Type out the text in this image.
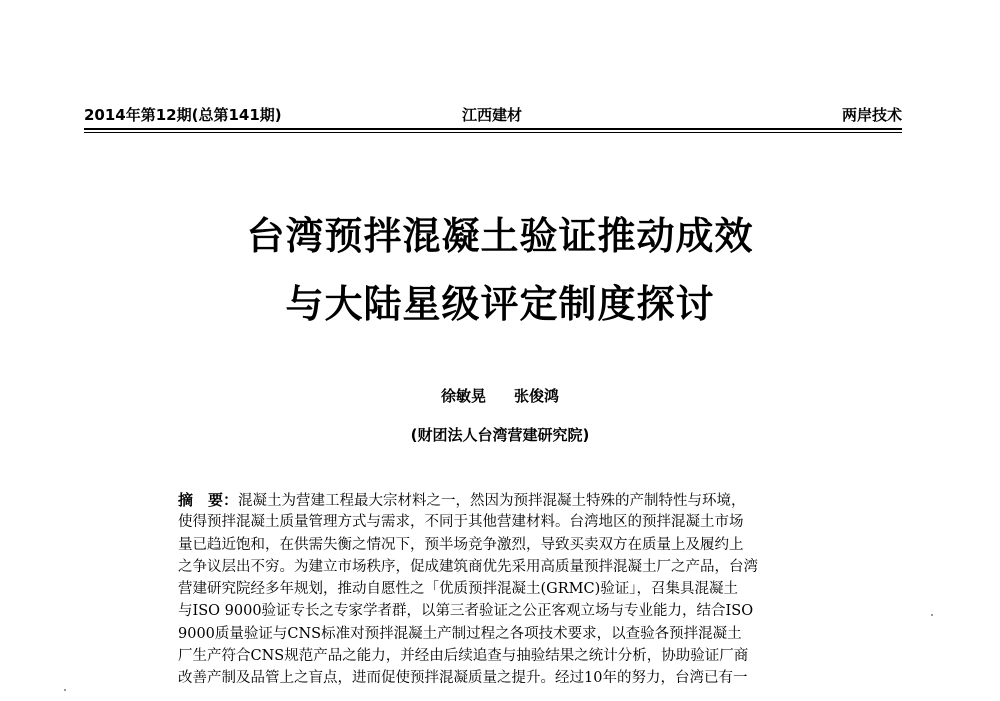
2014年第12期(总第141期)	江西建材	两岸技术
台湾预拌混凝土验证推动成效
与大陆星级评定制度探讨
徐敏晃 张俊鸿
(财团法人台湾营建研究院)
摘　要：混凝土为营建工程最大宗材料之一，然因为预拌混凝土特殊的产制特性与环境，
使得预拌混凝土质量管理方式与需求，不同于其他营建材料。台湾地区的预拌混凝土市场
量已趋近饱和，在供需失衡之情况下，预半场竞争激烈，导致买卖双方在质量上及履约上
之争议层出不穷。为建立市场秩序，促成建筑商优先采用高质量预拌混凝土厂之产品，台湾
营建研究院经多年规划，推动自愿性之「优质预拌混凝土(GRMC)验证」，召集具混凝土
与ISO 9000验证专长之专家学者群，以第三者验证之公正客观立场与专业能力，结合ISO
9000质量验证与CNS标准对预拌混凝土产制过程之各项技术要求，以查验各预拌混凝土
厂生产符合CNS规范产品之能力，并经由后续追查与抽验结果之统计分析，协助验证厂商
改善产制及品管上之盲点，进而促使预拌混凝质量之提升。经过10年的努力，台湾已有一
